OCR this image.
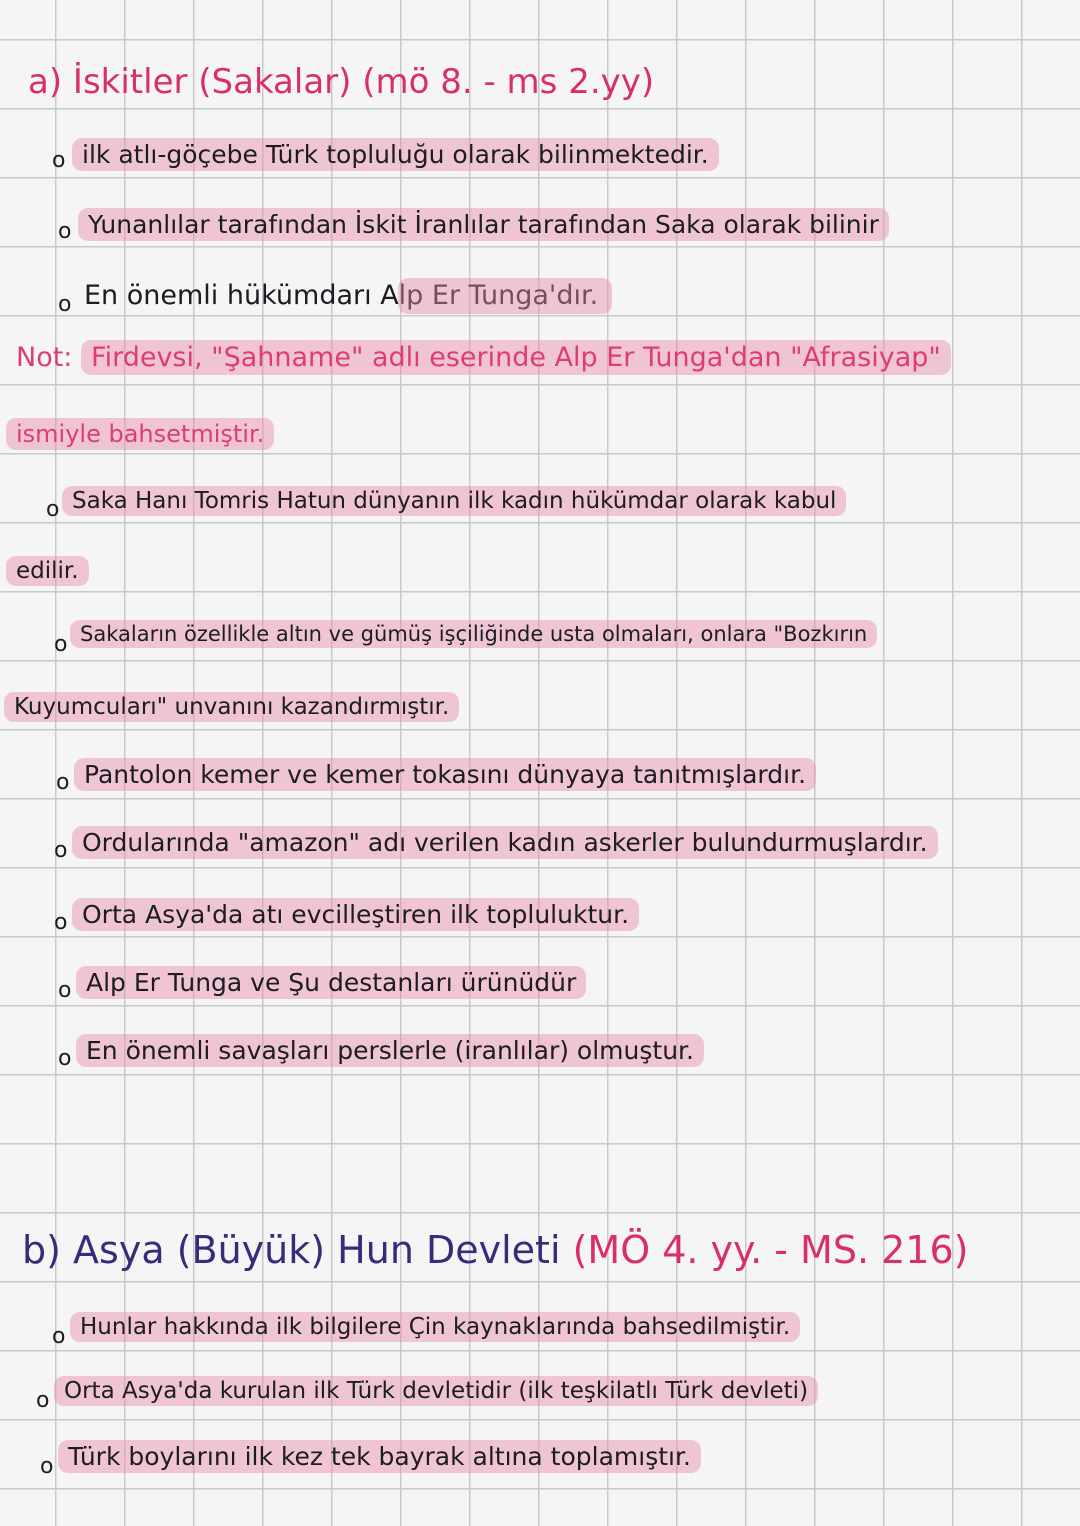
a) İskitler (Sakalar) (mö 8. - ms 2.yy)
o ilk atlı-göçebe Türk topluluğu olarak bilinmektedir.
o Yunanlılar tarafından İskit İranlılar tarafından Saka olarak bilinir
o En önemli hükümdarı Alp Er Tunga'dır.
Not: Firdevsi, "Şahname" adlı eserinde Alp Er Tunga'dan "Afrasiyap"
ismiyle bahsetmiştir.
o Saka Hanı Tomris Hatun dünyanın ilk kadın hükümdar olarak kabul
edilir.
o Sakaların özellikle altın ve gümüş işçiliğinde usta olmaları, onlara "Bozkırın
Kuyumcuları" unvanını kazandırmıştır.
o Pantolon kemer ve kemer tokasını dünyaya tanıtmışlardır.
o Ordularında "amazon" adı verilen kadın askerler bulundurmuşlardır.
o Orta Asya'da atı evcilleştiren ilk topluluktur.
o Alp Er Tunga ve Şu destanları ürünüdür
o En önemli savaşları perslerle (iranlılar) olmuştur.
b) Asya (Büyük) Hun Devleti (MÖ 4. yy. - MS. 216)
o Hunlar hakkında ilk bilgilere Çin kaynaklarında bahsedilmiştir.
o Orta Asya'da kurulan ilk Türk devletidir (ilk teşkilatlı Türk devleti)
o Türk boylarını ilk kez tek bayrak altına toplamıştır.
